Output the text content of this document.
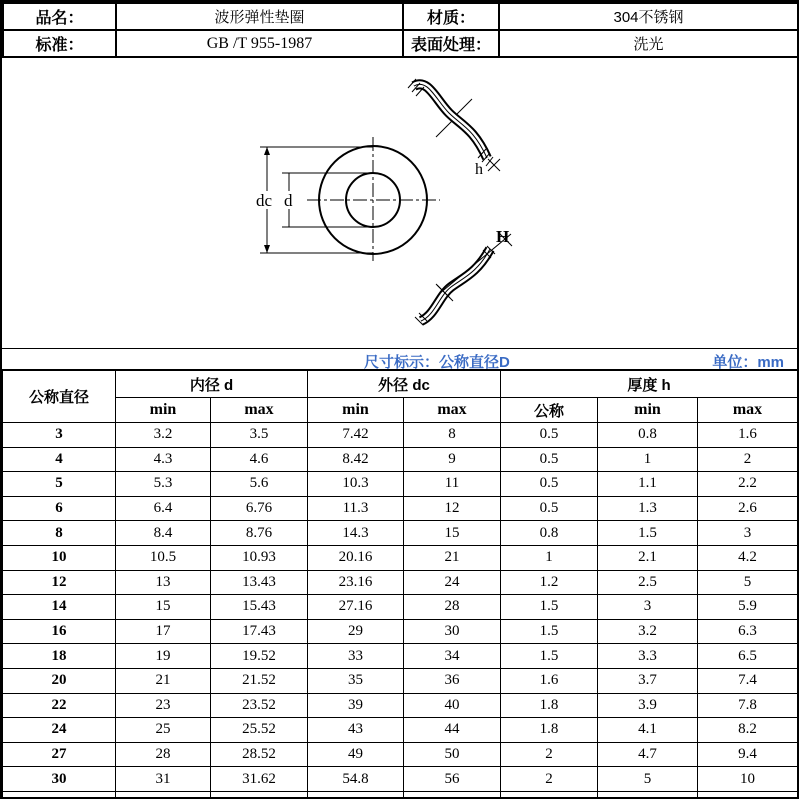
品名：	波形弹性垫圈	材质：	304不锈钢
标准：	GB /T 955-1987	表面处理：	洗光
dc d
h
H
尺寸标示：公称直径D	单位：mm
公称直径	内径 d		外径 dc		厚度 h		
	min	max	min	max	公称	min	max
3	3.2	3.5	7.42	8	0.5	0.8	1.6
4	4.3	4.6	8.42	9	0.5	1	2
5	5.3	5.6	10.3	11	0.5	1.1	2.2
6	6.4	6.76	11.3	12	0.5	1.3	2.6
8	8.4	8.76	14.3	15	0.8	1.5	3
10	10.5	10.93	20.16	21	1	2.1	4.2
12	13	13.43	23.16	24	1.2	2.5	5
14	15	15.43	27.16	28	1.5	3	5.9
16	17	17.43	29	30	1.5	3.2	6.3
18	19	19.52	33	34	1.5	3.3	6.5
20	21	21.52	35	36	1.6	3.7	7.4
22	23	23.52	39	40	1.8	3.9	7.8
24	25	25.52	43	44	1.8	4.1	8.2
27	28	28.52	49	50	2	4.7	9.4
30	31	31.62	54.8	56	2	5	10
